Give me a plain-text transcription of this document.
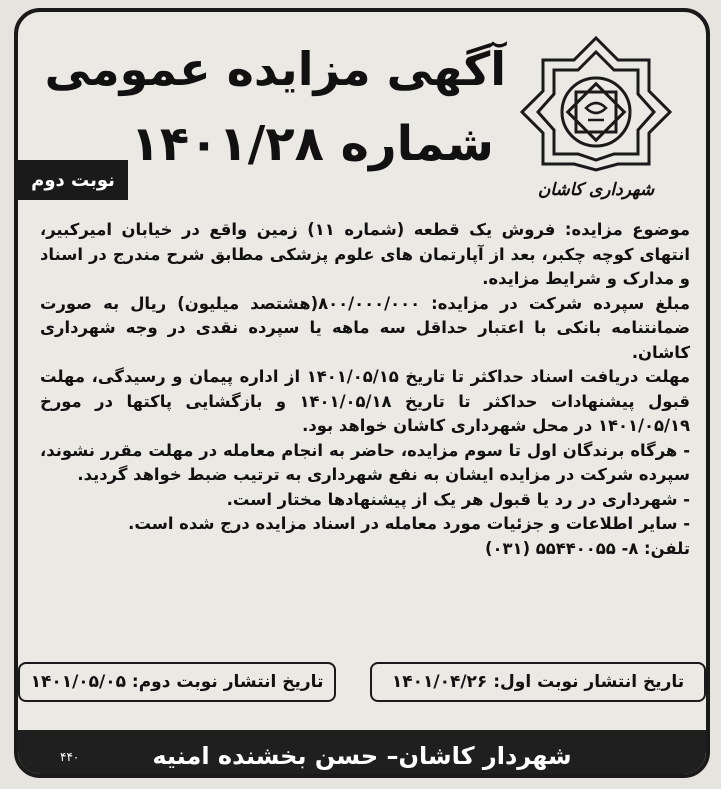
شهرداری کاشان
آگهی مزایده عمومی
شماره ۱۴۰۱/۲۸
نوبت دوم

موضوع مزایده: فروش یک قطعه (شماره ۱۱) زمین واقع در خیابان امیرکبیر، انتهای کوچه چکبر، بعد از آپارتمان های علوم پزشکی مطابق شرح مندرج در اسناد و مدارک و شرایط مزایده.

مبلغ سپرده شرکت در مزایده: ۸۰۰/۰۰۰/۰۰۰(هشتصد میلیون) ریال به صورت ضمانتنامه بانکی با اعتبار حداقل سه ماهه یا سپرده نقدی در وجه شهرداری کاشان.

مهلت دریافت اسناد حداکثر تا تاریخ ۱۴۰۱/۰۵/۱۵ از اداره پیمان و رسیدگی، مهلت قبول پیشنهادات حداکثر تا تاریخ ۱۴۰۱/۰۵/۱۸ و بازگشایی پاکتها در مورخ ۱۴۰۱/۰۵/۱۹ در محل شهرداری کاشان خواهد بود.

- هرگاه برندگان اول تا سوم مزایده، حاضر به انجام معامله در مهلت مقرر نشوند، سپرده شرکت در مزایده ایشان به نفع شهرداری به ترتیب ضبط خواهد گردید.

- شهرداری در رد یا قبول هر یک از پیشنهادها مختار است.

- سایر اطلاعات و جزئیات مورد معامله در اسناد مزایده درج شده است.

تلفن: ۸- ۵۵۴۴۰۰۵۵ (۰۳۱)

تاریخ انتشار نوبت اول: ۱۴۰۱/۰۴/۲۶
تاریخ انتشار نوبت دوم: ۱۴۰۱/۰۵/۰۵
شهردار کاشان– حسن بخشنده امنیه
۴۴۰
